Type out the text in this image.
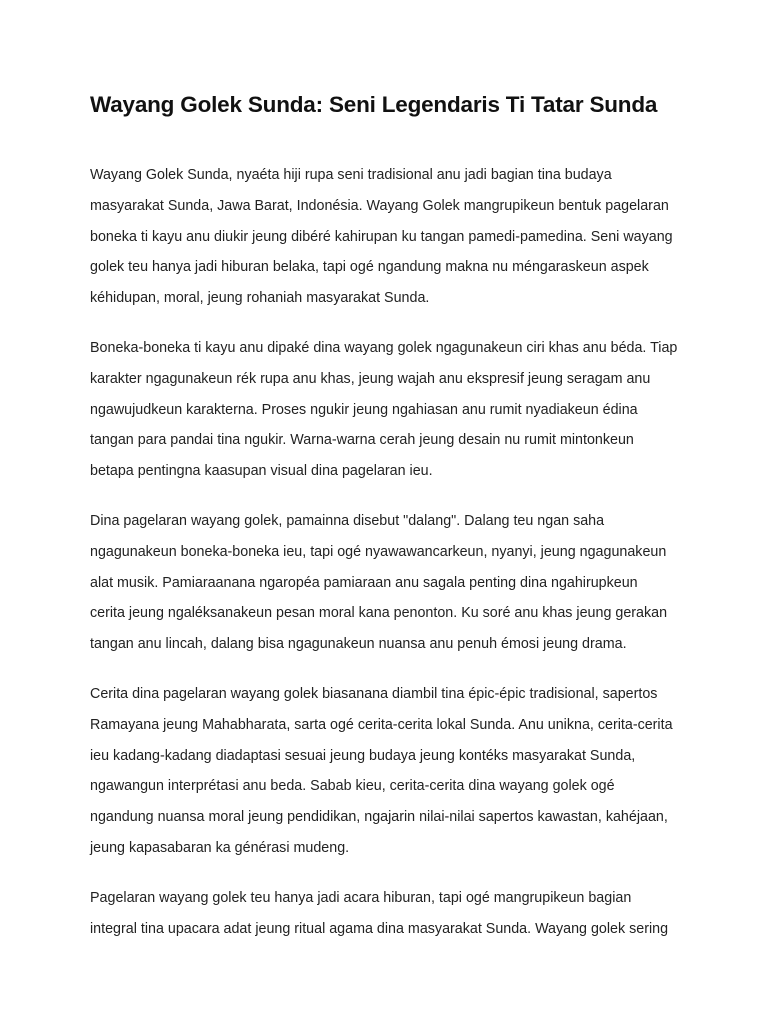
Wayang Golek Sunda: Seni Legendaris Ti Tatar Sunda

Wayang Golek Sunda, nyaéta hiji rupa seni tradisional anu jadi bagian tina budaya
masyarakat Sunda, Jawa Barat, Indonésia. Wayang Golek mangrupikeun bentuk pagelaran
boneka ti kayu anu diukir jeung dibéré kahirupan ku tangan pamedi-pamedina. Seni wayang
golek teu hanya jadi hiburan belaka, tapi ogé ngandung makna nu méngaraskeun aspek
kéhidupan, moral, jeung rohaniah masyarakat Sunda.

Boneka-boneka ti kayu anu dipaké dina wayang golek ngagunakeun ciri khas anu béda. Tiap
karakter ngagunakeun rék rupa anu khas, jeung wajah anu ekspresif jeung seragam anu
ngawujudkeun karakterna. Proses ngukir jeung ngahiasan anu rumit nyadiakeun édina
tangan para pandai tina ngukir. Warna-warna cerah jeung desain nu rumit mintonkeun
betapa pentingna kaasupan visual dina pagelaran ieu.

Dina pagelaran wayang golek, pamainna disebut "dalang". Dalang teu ngan saha
ngagunakeun boneka-boneka ieu, tapi ogé nyawawancarkeun, nyanyi, jeung ngagunakeun
alat musik. Pamiaraanana ngaropéa pamiaraan anu sagala penting dina ngahirupkeun
cerita jeung ngaléksanakeun pesan moral kana penonton. Ku soré anu khas jeung gerakan
tangan anu lincah, dalang bisa ngagunakeun nuansa anu penuh émosi jeung drama.

Cerita dina pagelaran wayang golek biasanana diambil tina épic-épic tradisional, sapertos
Ramayana jeung Mahabharata, sarta ogé cerita-cerita lokal Sunda. Anu unikna, cerita-cerita
ieu kadang-kadang diadaptasi sesuai jeung budaya jeung kontéks masyarakat Sunda,
ngawangun interprétasi anu beda. Sabab kieu, cerita-cerita dina wayang golek ogé
ngandung nuansa moral jeung pendidikan, ngajarin nilai-nilai sapertos kawastan, kahéjaan,
jeung kapasabaran ka générasi mudeng.

Pagelaran wayang golek teu hanya jadi acara hiburan, tapi ogé mangrupikeun bagian
integral tina upacara adat jeung ritual agama dina masyarakat Sunda. Wayang golek sering
